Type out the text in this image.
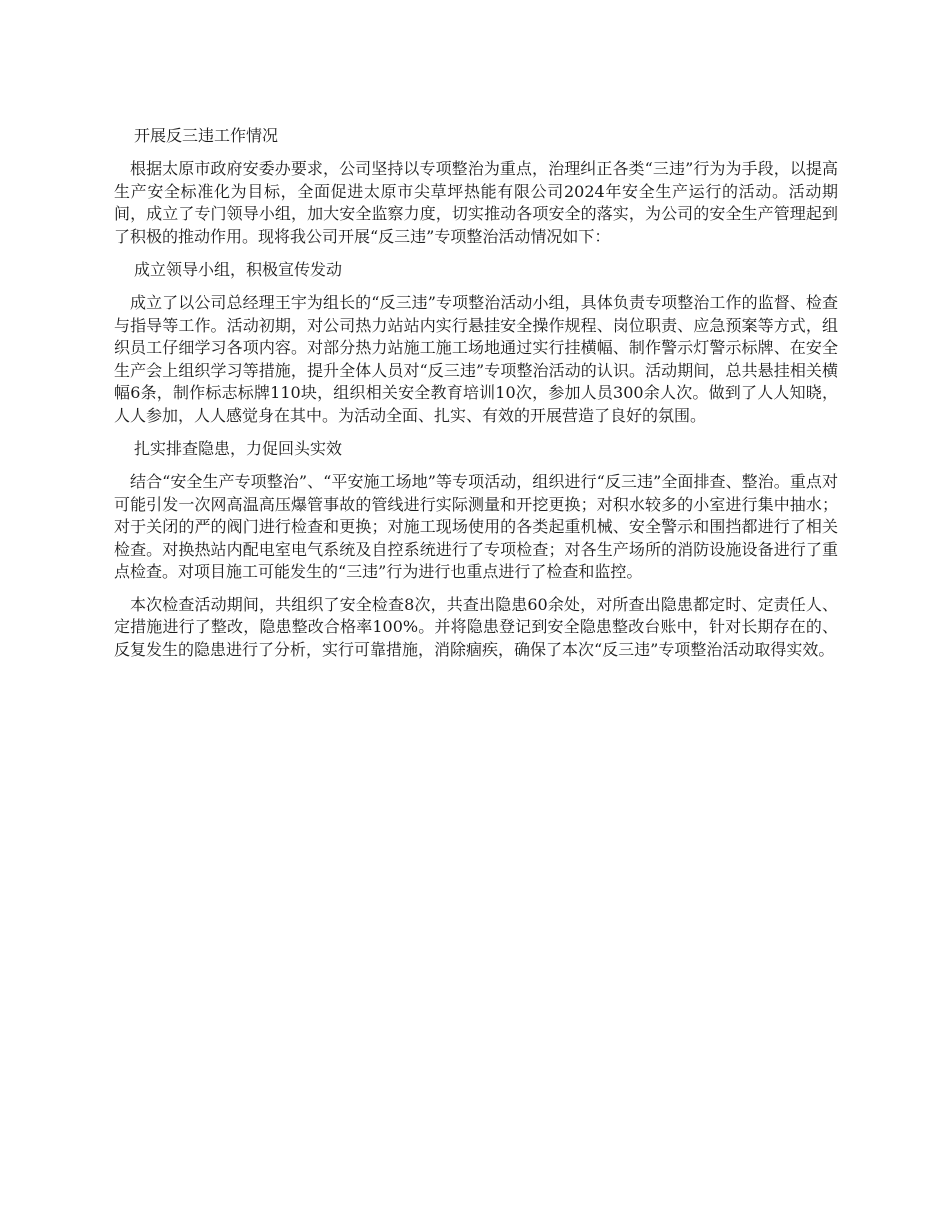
开展反三违工作情况

根据太原市政府安委办要求，公司坚持以专项整治为重点，治理纠正各类“三违”行为为手段，以提高生产安全标准化为目标，全面促进太原市尖草坪热能有限公司2024年安全生产运行的活动。活动期间，成立了专门领导小组，加大安全监察力度，切实推动各项安全的落实，为公司的安全生产管理起到了积极的推动作用。现将我公司开展“反三违”专项整治活动情况如下：

成立领导小组，积极宣传发动

成立了以公司总经理王宇为组长的“反三违”专项整治活动小组，具体负责专项整治工作的监督、检查与指导等工作。活动初期，对公司热力站站内实行悬挂安全操作规程、岗位职责、应急预案等方式，组织员工仔细学习各项内容。对部分热力站施工施工场地通过实行挂横幅、制作警示灯警示标牌、在安全生产会上组织学习等措施，提升全体人员对“反三违”专项整治活动的认识。活动期间，总共悬挂相关横幅6条，制作标志标牌110块，组织相关安全教育培训10次，参加人员300余人次。做到了人人知晓，人人参加，人人感觉身在其中。为活动全面、扎实、有效的开展营造了良好的氛围。

扎实排查隐患，力促回头实效

结合“安全生产专项整治”、“平安施工场地”等专项活动，组织进行“反三违”全面排查、整治。重点对可能引发一次网高温高压爆管事故的管线进行实际测量和开挖更换；对积水较多的小室进行集中抽水；对于关闭的严的阀门进行检查和更换；对施工现场使用的各类起重机械、安全警示和围挡都进行了相关检查。对换热站内配电室电气系统及自控系统进行了专项检查；对各生产场所的消防设施设备进行了重点检查。对项目施工可能发生的“三违”行为进行也重点进行了检查和监控。

本次检查活动期间，共组织了安全检查8次，共查出隐患60余处，对所查出隐患都定时、定责任人、定措施进行了整改，隐患整改合格率100%。并将隐患登记到安全隐患整改台账中，针对长期存在的、反复发生的隐患进行了分析，实行可靠措施，消除痼疾，确保了本次“反三违”专项整治活动取得实效。
